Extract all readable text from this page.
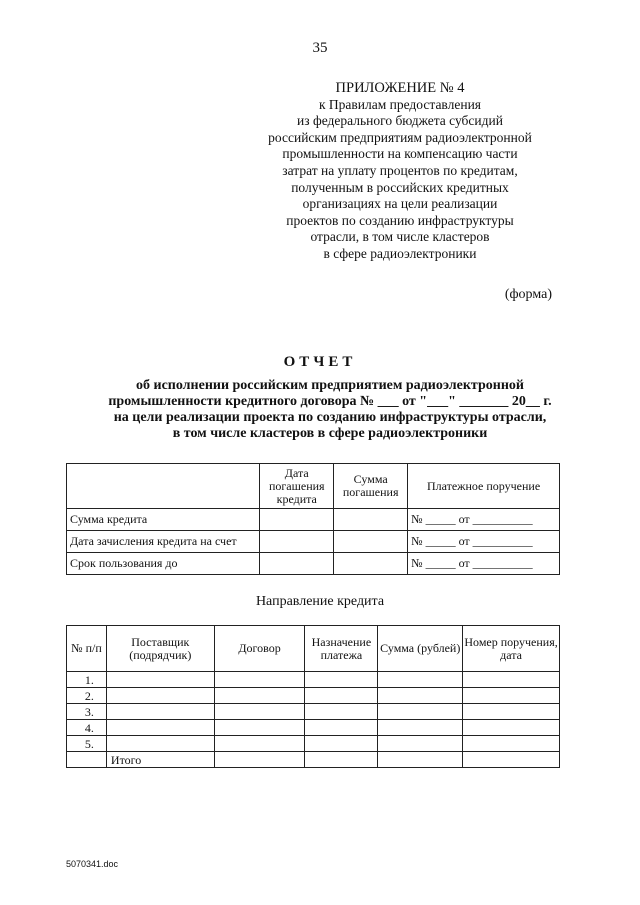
35
ПРИЛОЖЕНИЕ № 4
к Правилам предоставления
из федерального бюджета субсидий
российским предприятиям радиоэлектронной
промышленности на компенсацию части
затрат на уплату процентов по кредитам,
полученным в российских кредитных
организациях на цели реализации
проектов по созданию инфраструктуры
отрасли, в том числе кластеров
в сфере радиоэлектроники
(форма)
ОТЧЕТ
об исполнении российским предприятием радиоэлектронной
промышленности кредитного договора № ___ от "___" _______ 20__ г.
на цели реализации проекта по созданию инфраструктуры отрасли,
в том числе кластеров в сфере радиоэлектроники
	Дата погашения кредита	Сумма погашения	Платежное поручение
Сумма кредита			№ _____ от __________
Дата зачисления кредита на счет			№ _____ от __________
Срок пользования до			№ _____ от __________
Направление кредита
№ п/п	Поставщик (подрядчик)	Договор	Назначение платежа	Сумма (рублей)	Номер поручения, дата
1.					
2.					
3.					
4.					
5.					
	Итого				
5070341.doc
